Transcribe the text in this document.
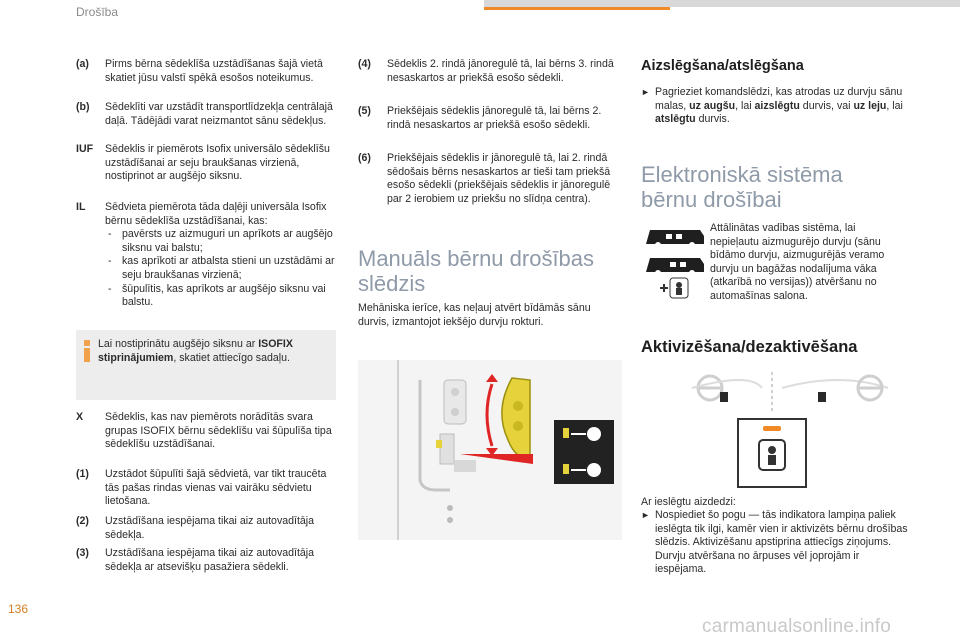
Drošība
(a)	Pirms bērna sēdeklīša uzstādīšanas šajā vietā skatiet jūsu valstī spēkā esošos noteikumus.
(b)	Sēdeklīti var uzstādīt transportlīdzekļa centrālajā daļā. Tādējādi varat neizmantot sānu sēdekļus.
IUF	Sēdeklis ir piemērots Isofix universālo sēdeklīšu uzstādīšanai ar seju braukšanas virzienā, nostiprinot ar augšējo siksnu.
IL	Sēdvieta piemērota tāda daļēji universāla Isofix bērnu sēdeklīša uzstādīšanai, kas:
- pavērsts uz aizmuguri un aprīkots ar augšējo siksnu vai balstu;
- kas aprīkoti ar atbalsta stieni un uzstādāmi ar seju braukšanas virzienā;
- šūpulītis, kas aprīkots ar augšējo siksnu vai balstu.
Lai nostiprinātu augšējo siksnu ar ISOFIX stiprinājumiem, skatiet attiecīgo sadaļu.
X	Sēdeklis, kas nav piemērots norādītās svara grupas ISOFIX bērnu sēdeklīšu vai šūpulīša tipa sēdeklīšu uzstādīšanai.
(1)	Uzstādot šūpulīti šajā sēdvietā, var tikt traucēta tās pašas rindas vienas vai vairāku sēdvietu lietošana.
(2)	Uzstādīšana iespējama tikai aiz autovadītāja sēdekļa.
(3)	Uzstādīšana iespējama tikai aiz autovadītāja sēdekļa ar atsevišķu pasažiera sēdekli.
(4)	Sēdeklis 2. rindā jānoregulē tā, lai bērns 3. rindā nesaskartos ar priekšā esošo sēdekli.
(5)	Priekšējais sēdeklis jānoregulē tā, lai bērns 2. rindā nesaskartos ar priekšā esošo sēdekli.
(6)	Priekšējais sēdeklis ir jānoregulē tā, lai 2. rindā sēdošais bērns nesaskartos ar tieši tam priekšā esošo sēdekli (priekšējais sēdeklis ir jānoregulē par 2 ierobiem uz priekšu no slīdņa centra).
Manuāls bērnu drošības
slēdzis
Mehāniska ierīce, kas neļauj atvērt bīdāmās sānu durvis, izmantojot iekšējo durvju rokturi.
Aizslēgšana/atslēgšana
► Pagrieziet komandslēdzi, kas atrodas uz durvju sānu malas, uz augšu, lai aizslēgtu durvis, vai uz leju, lai atslēgtu durvis.
Elektroniskā sistēma
bērnu drošībai
Attālinātas vadības sistēma, lai nepieļautu aizmugurējo durvju (sānu bīdāmo durvju, aizmugurējās veramo durvju un bagāžas nodalījuma vāka (atkarībā no versijas)) atvēršanu no automašīnas salona.
Aktivizēšana/dezaktivēšana
Ar ieslēgtu aizdedzi:
► Nospiediet šo pogu — tās indikatora lampiņa paliek ieslēgta tik ilgi, kamēr vien ir aktivizēts bērnu drošības slēdzis. Aktivizēšanu apstiprina attiecīgs ziņojums. Durvju atvēršana no ārpuses vēl joprojām ir iespējama.
136
carmanualsonline.info
